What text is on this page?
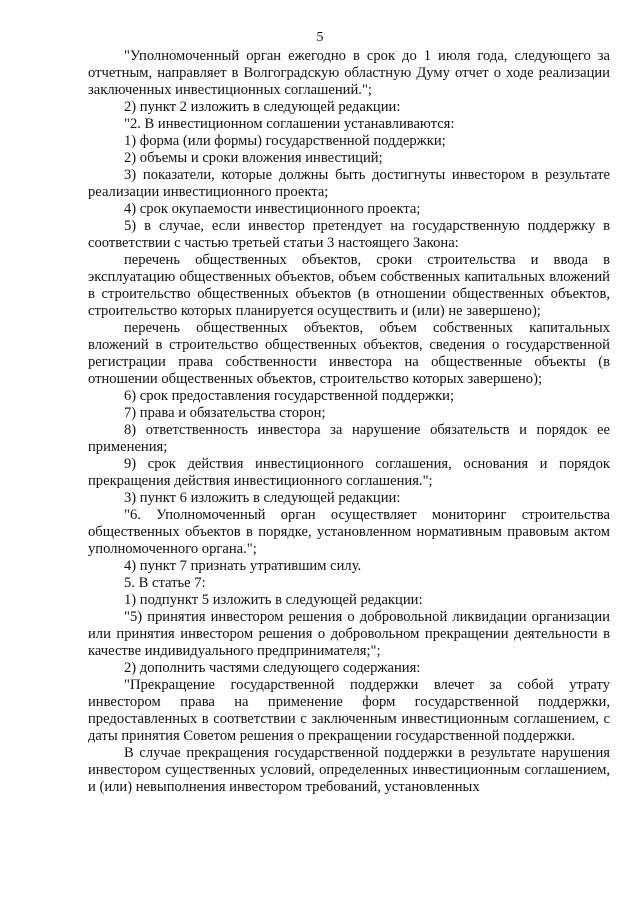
5

"Уполномоченный орган ежегодно в срок до 1 июля года, следующего за отчетным, направляет в Волгоградскую областную Думу отчет о ходе реализации заключенных инвестиционных соглашений.";

2) пункт 2 изложить в следующей редакции:

"2. В инвестиционном соглашении устанавливаются:

1) форма (или формы) государственной поддержки;

2) объемы и сроки вложения инвестиций;

3) показатели, которые должны быть достигнуты инвестором в результате реализации инвестиционного проекта;

4) срок окупаемости инвестиционного проекта;

5) в случае, если инвестор претендует на государственную поддержку в соответствии с частью третьей статьи 3 настоящего Закона:

перечень общественных объектов, сроки строительства и ввода в эксплуатацию общественных объектов, объем собственных капитальных вложений в строительство общественных объектов (в отношении общественных объектов, строительство которых планируется осуществить и (или) не завершено);

перечень общественных объектов, объем собственных капитальных вложений в строительство общественных объектов, сведения о государственной регистрации права собственности инвестора на общественные объекты (в отношении общественных объектов, строительство которых завершено);

6) срок предоставления государственной поддержки;

7) права и обязательства сторон;

8) ответственность инвестора за нарушение обязательств и порядок ее применения;

9) срок действия инвестиционного соглашения, основания и порядок прекращения действия инвестиционного соглашения.";

3) пункт 6 изложить в следующей редакции:

"6. Уполномоченный орган осуществляет мониторинг строительства общественных объектов в порядке, установленном нормативным правовым актом уполномоченного органа.";

4) пункт 7 признать утратившим силу.

5. В статье 7:

1) подпункт 5 изложить в следующей редакции:

"5) принятия инвестором решения о добровольной ликвидации организации или принятия инвестором решения о добровольном прекращении деятельности в качестве индивидуального предпринимателя;";

2) дополнить частями следующего содержания:

"Прекращение государственной поддержки влечет за собой утрату инвестором права на применение форм государственной поддержки, предоставленных в соответствии с заключенным инвестиционным соглашением, с даты принятия Советом решения о прекращении государственной поддержки.

В случае прекращения государственной поддержки в результате нарушения инвестором существенных условий, определенных инвестиционным соглашением, и (или) невыполнения инвестором требований, установленных
